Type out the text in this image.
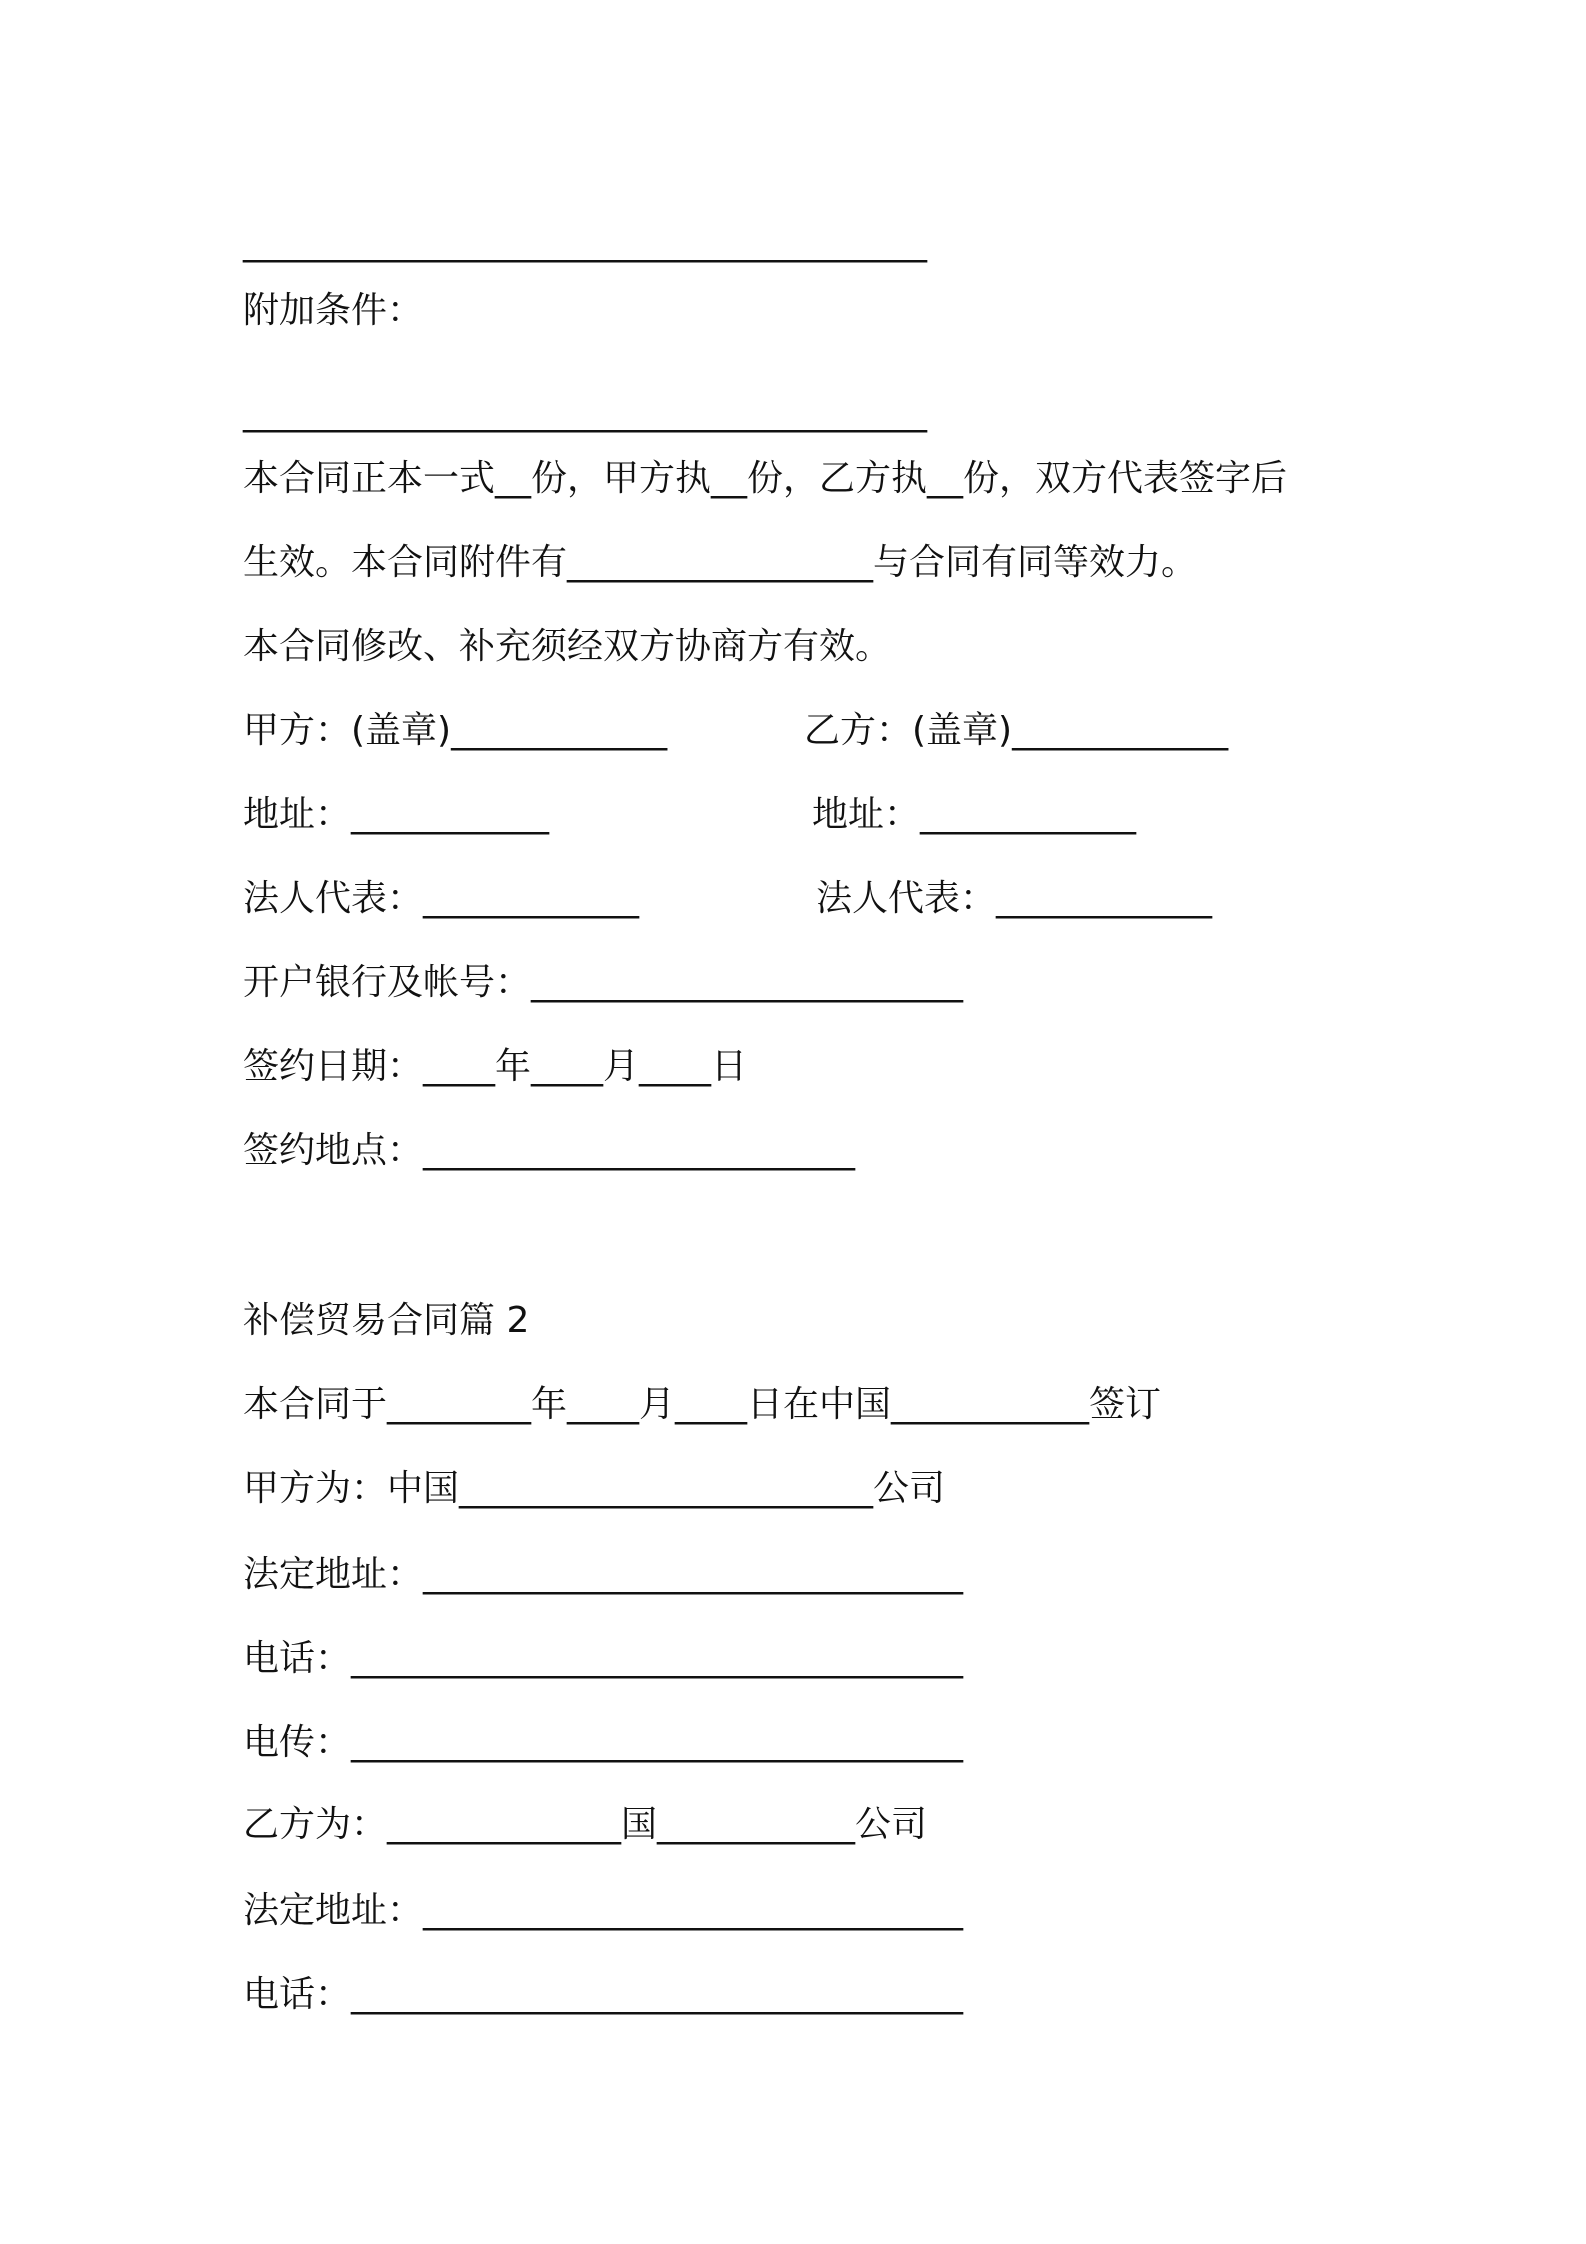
______________________________________
附加条件：
______________________________________
本合同正本一式__份，甲方执__份，乙方执__份，双方代表签字后
生效。本合同附件有_________________与合同有同等效力。
本合同修改、补充须经双方协商方有效。
甲方：(盖章)____________	乙方：(盖章)____________
地址：___________	地址：____________
法人代表：____________	法人代表：____________
开户银行及帐号：________________________
签约日期：____年____月____日
签约地点：________________________
补偿贸易合同篇 2
本合同于________年____月____日在中国___________签订
甲方为：中国_______________________公司
法定地址：______________________________
电话：__________________________________
电传：__________________________________
乙方为：_____________国___________公司
法定地址：______________________________
电话：__________________________________
